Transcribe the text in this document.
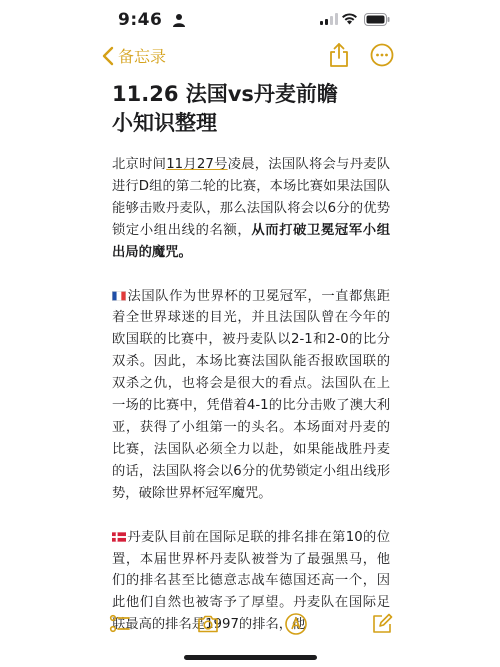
9:46
备忘录
11.26 法国vs丹麦前瞻
小知识整理

北京时间11月27号凌晨，法国队将会与丹麦队进行D组的第二轮的比赛，本场比赛如果法国队能够击败丹麦队，那么法国队将会以6分的优势锁定小组出线的名额，从而打破卫冕冠军小组出局的魔咒。

法国队作为世界杯的卫冕冠军，一直都焦距着全世界球迷的目光，并且法国队曾在今年的欧国联的比赛中，被丹麦队以2-1和2-0的比分双杀。因此，本场比赛法国队能否报欧国联的双杀之仇，也将会是很大的看点。法国队在上一场的比赛中，凭借着4-1的比分击败了澳大利亚，获得了小组第一的头名。本场面对丹麦的比赛，法国队必须全力以赴，如果能战胜丹麦的话，法国队将会以6分的优势锁定小组出线形势，破除世界杯冠军魔咒。

丹麦队目前在国际足联的排名排在第10的位置，本届世界杯丹麦队被誉为了最强黑马，他们的排名甚至比德意志战车德国还高一个，因此他们自然也被寄予了厚望。丹麦队在国际足联最高的排名是1997的排名，他
